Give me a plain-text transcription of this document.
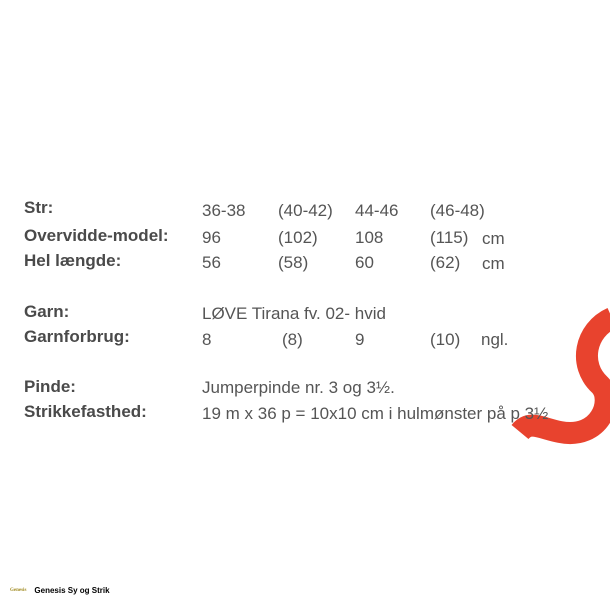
Str:	36-38 (40-42) 44-46 (46-48)
Overvidde-model: 96	(102) 108	(115) cm
Hel længde:	56	(58)	60	(62) cm
Garn:	LØVE Tirana fv. 02- hvid
Garnforbrug:	8	(8)	9	(10) ngl.
Pinde:	Jumperpinde nr. 3 og 3½.
Strikkefasthed:	19 m x 36 p = 10x10 cm i hulmønster på p 3½
Genesis Genesis Sy og Strik
